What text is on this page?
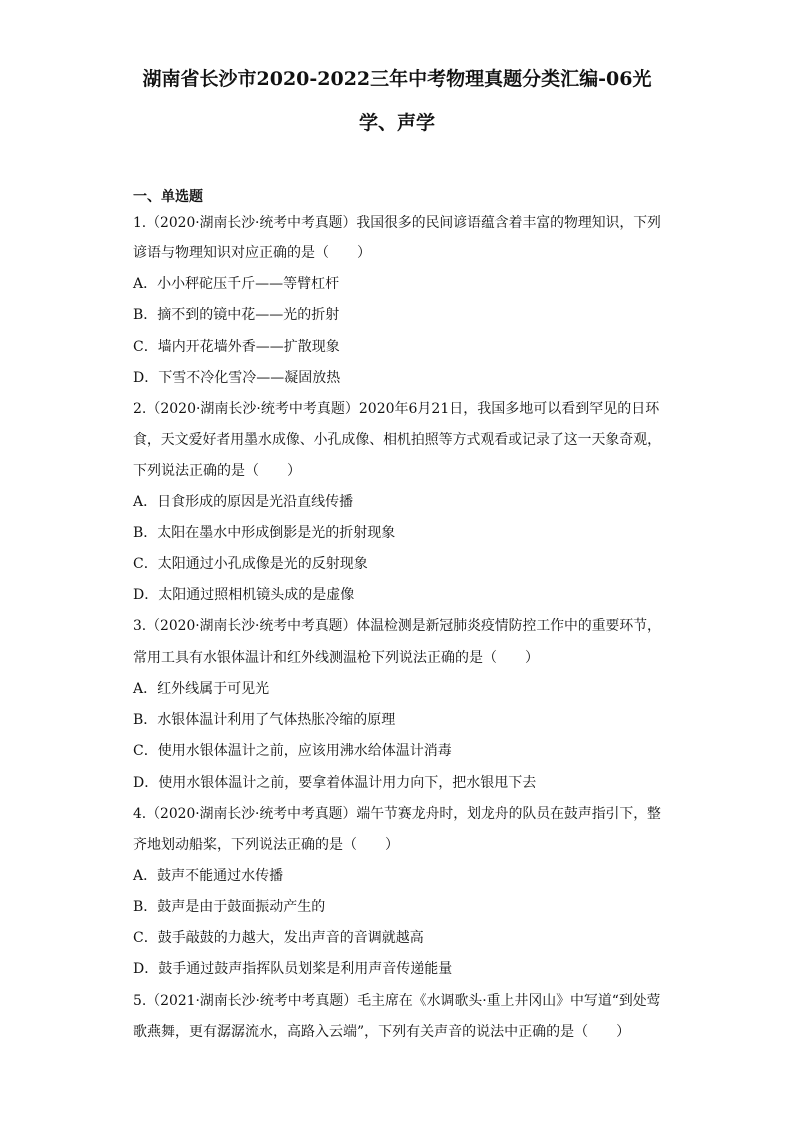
湖南省长沙市2020-2022三年中考物理真题分类汇编-06光
学、声学
一、单选题
1.（2020·湖南长沙·统考中考真题）我国很多的民间谚语蕴含着丰富的物理知识，下列
谚语与物理知识对应正确的是（　　）
A．小小秤砣压千斤——等臂杠杆
B．摘不到的镜中花——光的折射
C．墙内开花墙外香——扩散现象
D．下雪不冷化雪冷——凝固放热
2.（2020·湖南长沙·统考中考真题）2020年6月21日，我国多地可以看到罕见的日环
食，天文爱好者用墨水成像、小孔成像、相机拍照等方式观看或记录了这一天象奇观，
下列说法正确的是（　　）
A．日食形成的原因是光沿直线传播
B．太阳在墨水中形成倒影是光的折射现象
C．太阳通过小孔成像是光的反射现象
D．太阳通过照相机镜头成的是虚像
3.（2020·湖南长沙·统考中考真题）体温检测是新冠肺炎疫情防控工作中的重要环节，
常用工具有水银体温计和红外线测温枪下列说法正确的是（　　）
A．红外线属于可见光
B．水银体温计利用了气体热胀冷缩的原理
C．使用水银体温计之前，应该用沸水给体温计消毒
D．使用水银体温计之前，要拿着体温计用力向下，把水银甩下去
4.（2020·湖南长沙·统考中考真题）端午节赛龙舟时，划龙舟的队员在鼓声指引下，整
齐地划动船桨，下列说法正确的是（　　）
A．鼓声不能通过水传播
B．鼓声是由于鼓面振动产生的
C．鼓手敲鼓的力越大，发出声音的音调就越高
D．鼓手通过鼓声指挥队员划桨是利用声音传递能量
5.（2021·湖南长沙·统考中考真题）毛主席在《水调歌头·重上井冈山》中写道“到处莺
歌燕舞，更有潺潺流水，高路入云端”，下列有关声音的说法中正确的是（　　）
